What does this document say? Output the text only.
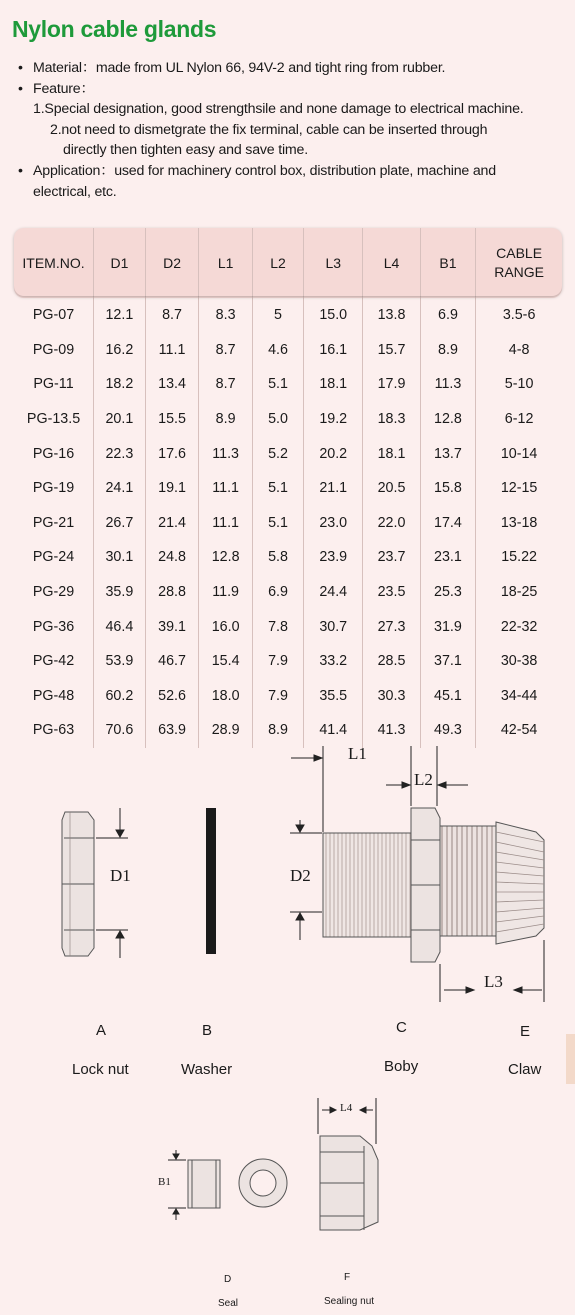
Nylon cable glands
• Material：made from UL Nylon 66, 94V-2 and tight ring from rubber.
• Feature：
1.Special designation, good strengthsile and none damage to electrical machine.
2.not need to dismetgrate the fix terminal, cable can be inserted through
directly then tighten easy and save time.
• Application：used for machinery control box, distribution plate, machine and
electrical, etc.
ITEM.NO.	D1	D2	L1	L2	L3	L4	B1	CABLE RANGE
PG-07	12.1	8.7	8.3	5	15.0	13.8	6.9	3.5-6
PG-09	16.2	11.1	8.7	4.6	16.1	15.7	8.9	4-8
PG-11	18.2	13.4	8.7	5.1	18.1	17.9	11.3	5-10
PG-13.5	20.1	15.5	8.9	5.0	19.2	18.3	12.8	6-12
PG-16	22.3	17.6	11.3	5.2	20.2	18.1	13.7	10-14
PG-19	24.1	19.1	11.1	5.1	21.1	20.5	15.8	12-15
PG-21	26.7	21.4	11.1	5.1	23.0	22.0	17.4	13-18
PG-24	30.1	24.8	12.8	5.8	23.9	23.7	23.1	15.22
PG-29	35.9	28.8	11.9	6.9	24.4	23.5	25.3	18-25
PG-36	46.4	39.1	16.0	7.8	30.7	27.3	31.9	22-32
PG-42	53.9	46.7	15.4	7.9	33.2	28.5	37.1	30-38
PG-48	60.2	52.6	18.0	7.9	35.5	30.3	45.1	34-44
PG-63	70.6	63.9	28.9	8.9	41.4	41.3	49.3	42-54
D1	D2
L1
L2
L3
L4
B1
A
Lock nut
B
Washer
C
Boby
E
Claw
D
Seal
F
Sealing nut
